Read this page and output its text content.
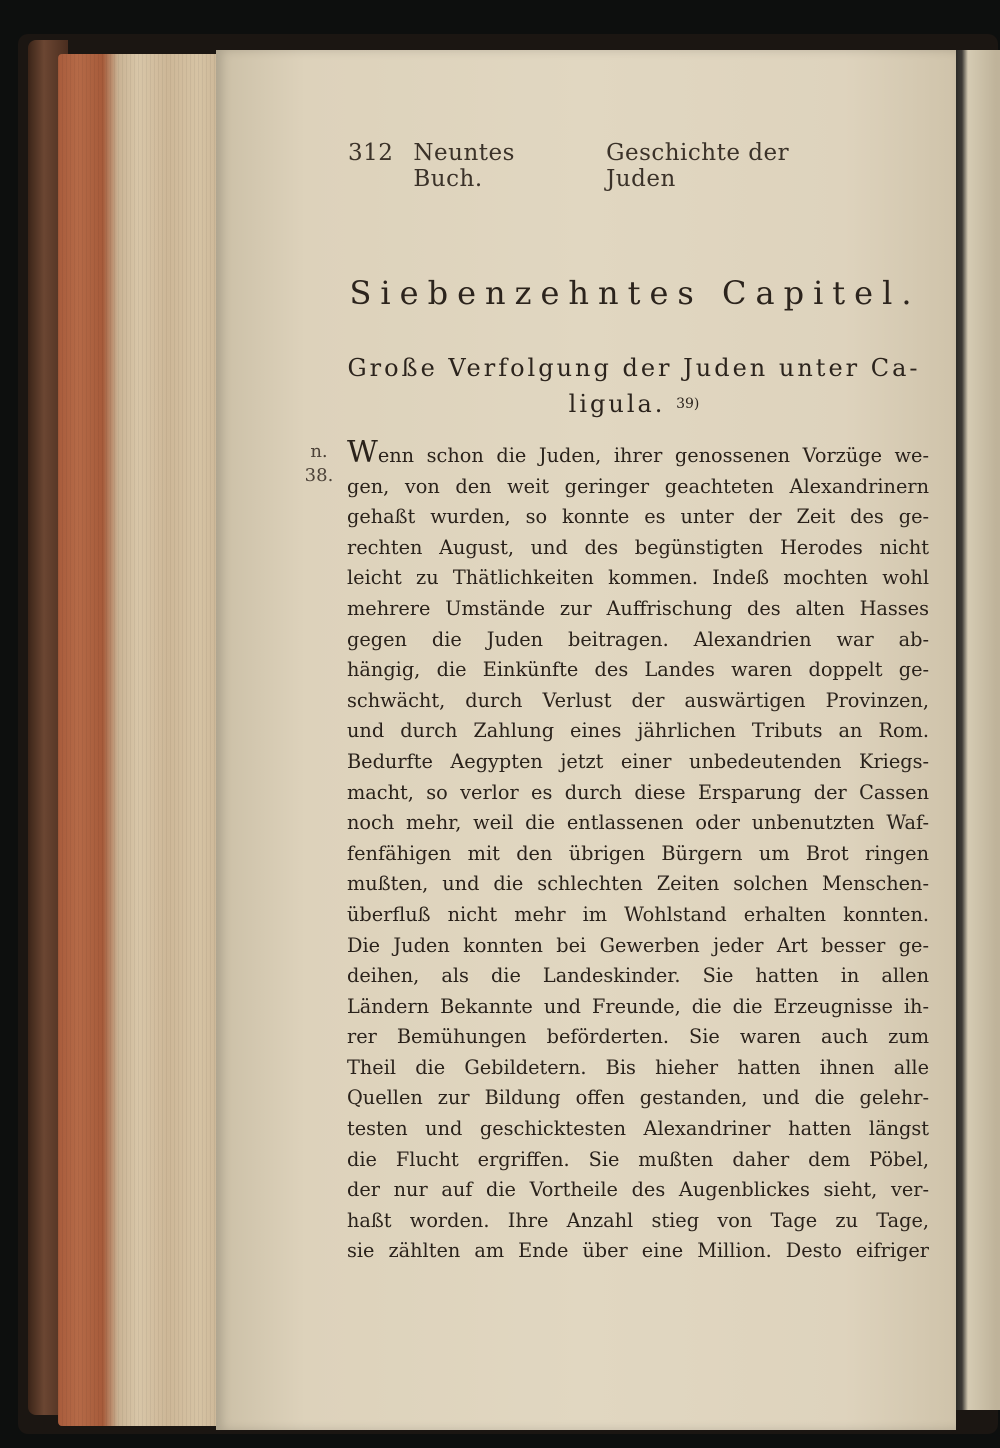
312 Neuntes Buch.
Geschichte der Juden
Siebenzehntes Capitel.
Große Verfolgung der Juden unter Ca-
ligula. $^{39)}$
n.
38.
Wenn schon die Juden, ihrer genossenen Vorzüge we-
gen, von den weit geringer geachteten Alexandrinern
gehaßt wurden, so konnte es unter der Zeit des ge-
rechten August, und des begünstigten Herodes nicht
leicht zu Thätlichkeiten kommen. Indeß mochten wohl
mehrere Umstände zur Auffrischung des alten Hasses
gegen die Juden beitragen. Alexandrien war ab-
hängig, die Einkünfte des Landes waren doppelt ge-
schwächt, durch Verlust der auswärtigen Provinzen,
und durch Zahlung eines jährlichen Tributs an Rom.
Bedurfte Aegypten jetzt einer unbedeutenden Kriegs-
macht, so verlor es durch diese Ersparung der Cassen
noch mehr, weil die entlassenen oder unbenutzten Waf-
fenfähigen mit den übrigen Bürgern um Brot ringen
mußten, und die schlechten Zeiten solchen Menschen-
überfluß nicht mehr im Wohlstand erhalten konnten.
Die Juden konnten bei Gewerben jeder Art besser ge-
deihen, als die Landeskinder. Sie hatten in allen
Ländern Bekannte und Freunde, die die Erzeugnisse ih-
rer Bemühungen beförderten. Sie waren auch zum
Theil die Gebildetern. Bis hieher hatten ihnen alle
Quellen zur Bildung offen gestanden, und die gelehr-
testen und geschicktesten Alexandriner hatten längst
die Flucht ergriffen. Sie mußten daher dem Pöbel,
der nur auf die Vortheile des Augenblickes sieht, ver-
haßt worden. Ihre Anzahl stieg von Tage zu Tage,
sie zählten am Ende über eine Million. Desto eifriger
